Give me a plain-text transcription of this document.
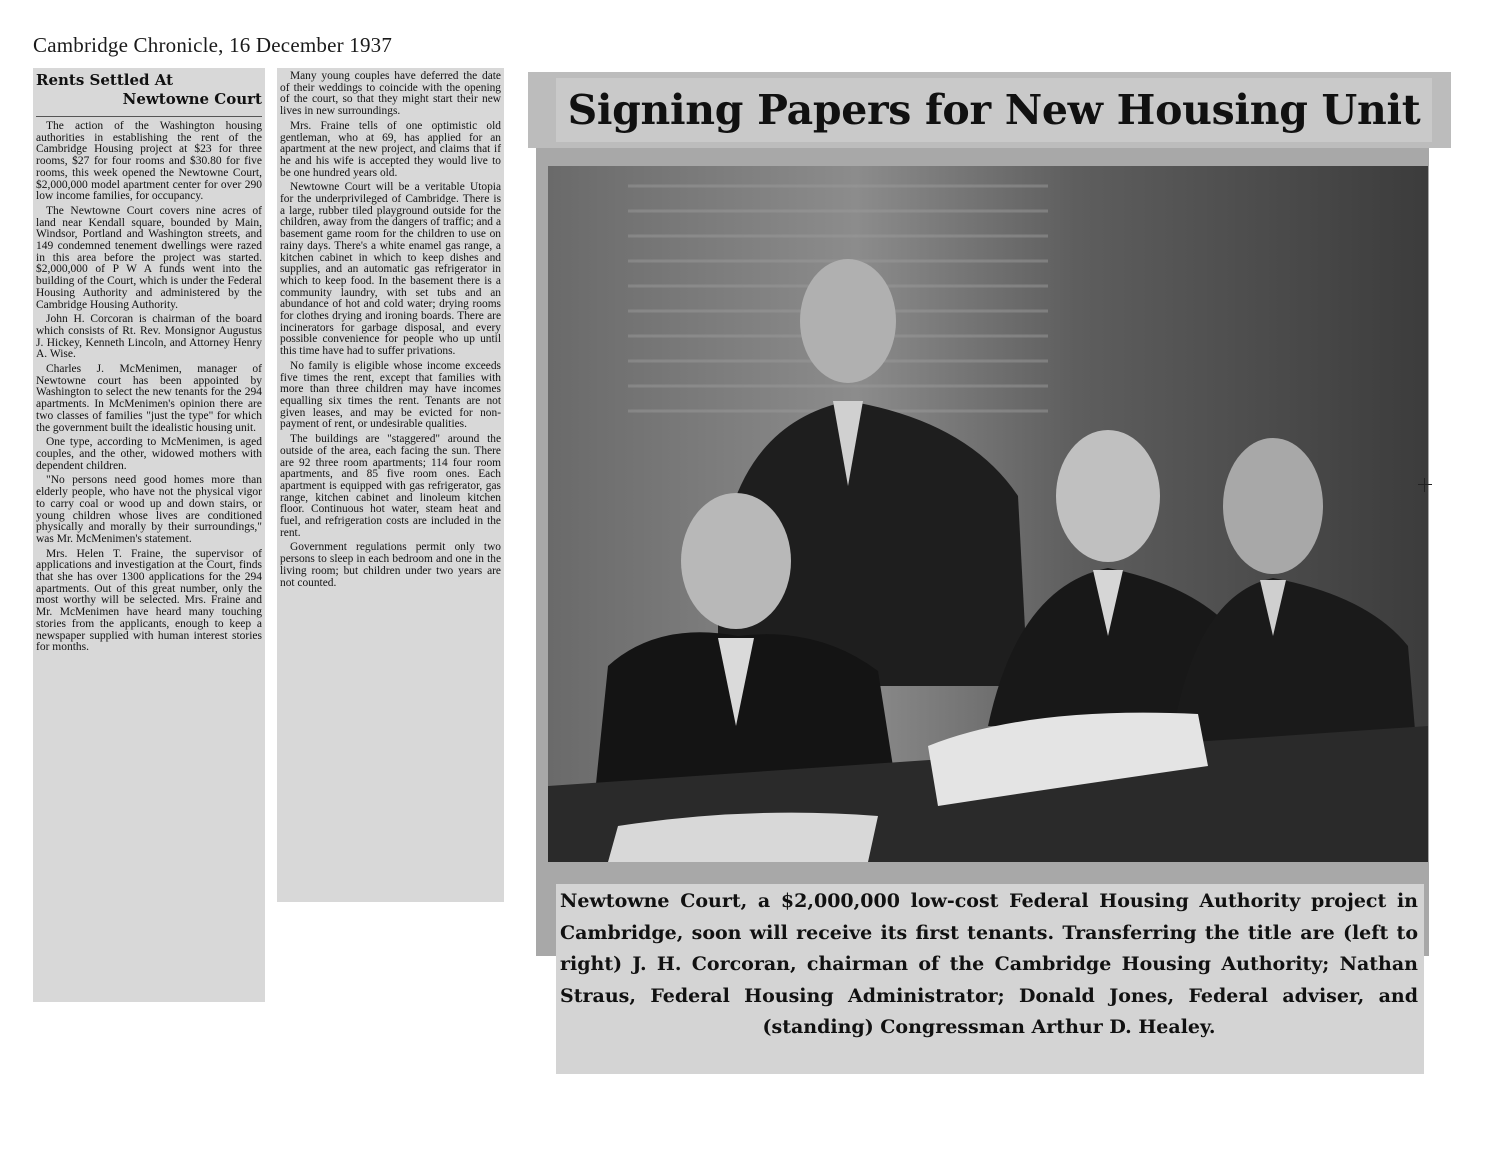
Cambridge Chronicle, 16 December 1937
Rents Settled At
Newtowne Court

The action of the Washington housing authorities in establishing the rent of the Cambridge Housing project at $23 for three rooms, $27 for four rooms and $30.80 for five rooms, this week opened the Newtowne Court, $2,000,000 model apartment center for over 290 low income families, for occupancy.

The Newtowne Court covers nine acres of land near Kendall square, bounded by Main, Windsor, Portland and Washington streets, and 149 condemned tenement dwellings were razed in this area before the project was started. $2,000,000 of P W A funds went into the building of the Court, which is under the Federal Housing Authority and administered by the Cambridge Housing Authority.

John H. Corcoran is chairman of the board which consists of Rt. Rev. Monsignor Augustus J. Hickey, Kenneth Lincoln, and Attorney Henry A. Wise.

Charles J. McMenimen, manager of Newtowne court has been appointed by Washington to select the new tenants for the 294 apartments. In McMenimen's opinion there are two classes of families "just the type" for which the government built the idealistic housing unit.

One type, according to McMenimen, is aged couples, and the other, widowed mothers with dependent children.

"No persons need good homes more than elderly people, who have not the physical vigor to carry coal or wood up and down stairs, or young children whose lives are conditioned physically and morally by their surroundings," was Mr. McMenimen's statement.

Mrs. Helen T. Fraine, the supervisor of applications and investigation at the Court, finds that she has over 1300 applications for the 294 apartments. Out of this great number, only the most worthy will be selected. Mrs. Fraine and Mr. McMenimen have heard many touching stories from the applicants, enough to keep a newspaper supplied with human interest stories for months.

Many young couples have deferred the date of their weddings to coincide with the opening of the court, so that they might start their new lives in new surroundings.

Mrs. Fraine tells of one optimistic old gentleman, who at 69, has applied for an apartment at the new project, and claims that if he and his wife is accepted they would live to be one hundred years old.

Newtowne Court will be a veritable Utopia for the underprivileged of Cambridge. There is a large, rubber tiled playground outside for the children, away from the dangers of traffic; and a basement game room for the children to use on rainy days. There's a white enamel gas range, a kitchen cabinet in which to keep dishes and supplies, and an automatic gas refrigerator in which to keep food. In the basement there is a community laundry, with set tubs and an abundance of hot and cold water; drying rooms for clothes drying and ironing boards. There are incinerators for garbage disposal, and every possible convenience for people who up until this time have had to suffer privations.

No family is eligible whose income exceeds five times the rent, except that families with more than three children may have incomes equalling six times the rent. Tenants are not given leases, and may be evicted for non-payment of rent, or undesirable qualities.

The buildings are "staggered" around the outside of the area, each facing the sun. There are 92 three room apartments; 114 four room apartments, and 85 five room ones. Each apartment is equipped with gas refrigerator, gas range, kitchen cabinet and linoleum kitchen floor. Continuous hot water, steam heat and fuel, and refrigeration costs are included in the rent.

Government regulations permit only two persons to sleep in each bedroom and one in the living room; but children under two years are not counted.

Signing Papers for New Housing Unit
Newtowne Court, a $2,000,000 low-cost Federal Housing Authority project in Cambridge, soon will receive its first tenants. Transferring the title are (left to right) J. H. Corcoran, chairman of the Cambridge Housing Authority; Nathan Straus, Federal Housing Administrator; Donald Jones, Federal adviser, and (standing) Congressman Arthur D. Healey.
